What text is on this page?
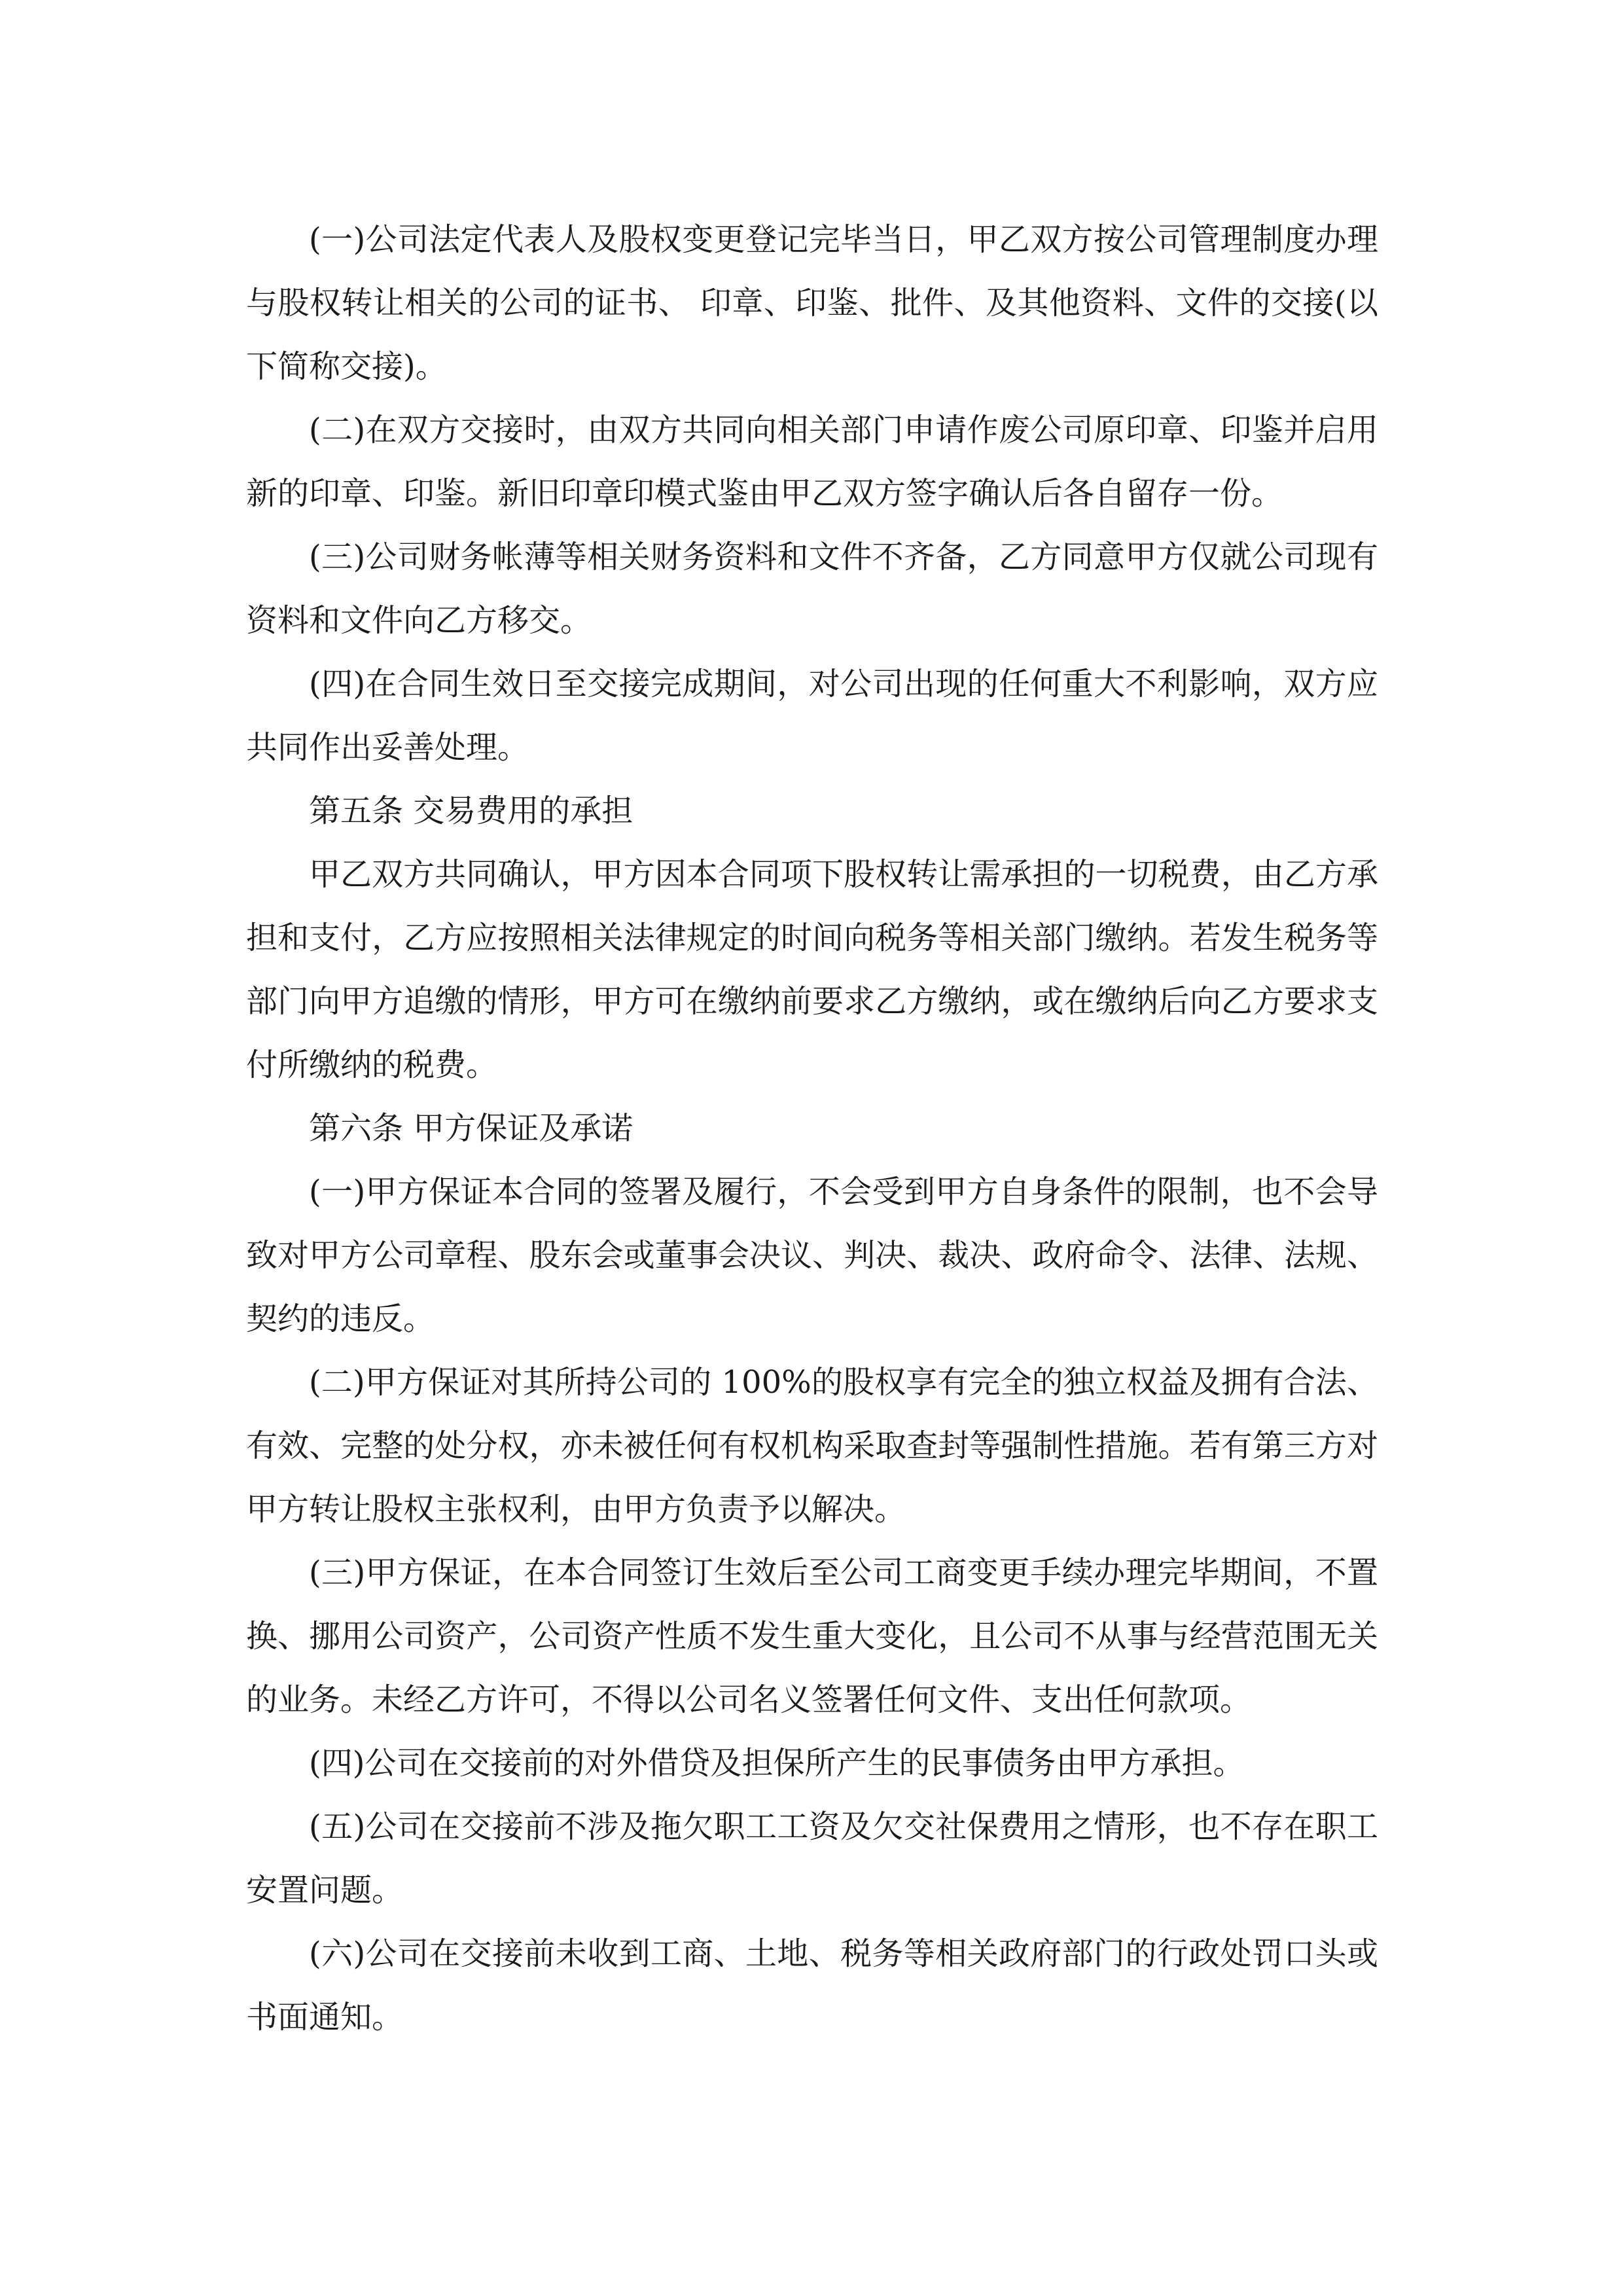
(一)公司法定代表人及股权变更登记完毕当日，甲乙双方按公司管理制度办理与股权转让相关的公司的证书、 印章、印鉴、批件、及其他资料、文件的交接(以下简称交接)。

(二)在双方交接时，由双方共同向相关部门申请作废公司原印章、印鉴并启用新的印章、印鉴。新旧印章印模式鉴由甲乙双方签字确认后各自留存一份。

(三)公司财务帐薄等相关财务资料和文件不齐备，乙方同意甲方仅就公司现有资料和文件向乙方移交。

(四)在合同生效日至交接完成期间，对公司出现的任何重大不利影响，双方应共同作出妥善处理。

第五条 交易费用的承担

甲乙双方共同确认，甲方因本合同项下股权转让需承担的一切税费，由乙方承担和支付，乙方应按照相关法律规定的时间向税务等相关部门缴纳。若发生税务等部门向甲方追缴的情形，甲方可在缴纳前要求乙方缴纳，或在缴纳后向乙方要求支付所缴纳的税费。

第六条 甲方保证及承诺

(一)甲方保证本合同的签署及履行，不会受到甲方自身条件的限制，也不会导致对甲方公司章程、股东会或董事会决议、判决、裁决、政府命令、法律、法规、契约的违反。

(二)甲方保证对其所持公司的 100%的股权享有完全的独立权益及拥有合法、有效、完整的处分权，亦未被任何有权机构采取查封等强制性措施。若有第三方对甲方转让股权主张权利，由甲方负责予以解决。

(三)甲方保证，在本合同签订生效后至公司工商变更手续办理完毕期间，不置换、挪用公司资产，公司资产性质不发生重大变化，且公司不从事与经营范围无关的业务。未经乙方许可，不得以公司名义签署任何文件、支出任何款项。

(四)公司在交接前的对外借贷及担保所产生的民事债务由甲方承担。

(五)公司在交接前不涉及拖欠职工工资及欠交社保费用之情形，也不存在职工安置问题。

(六)公司在交接前未收到工商、土地、税务等相关政府部门的行政处罚口头或书面通知。
